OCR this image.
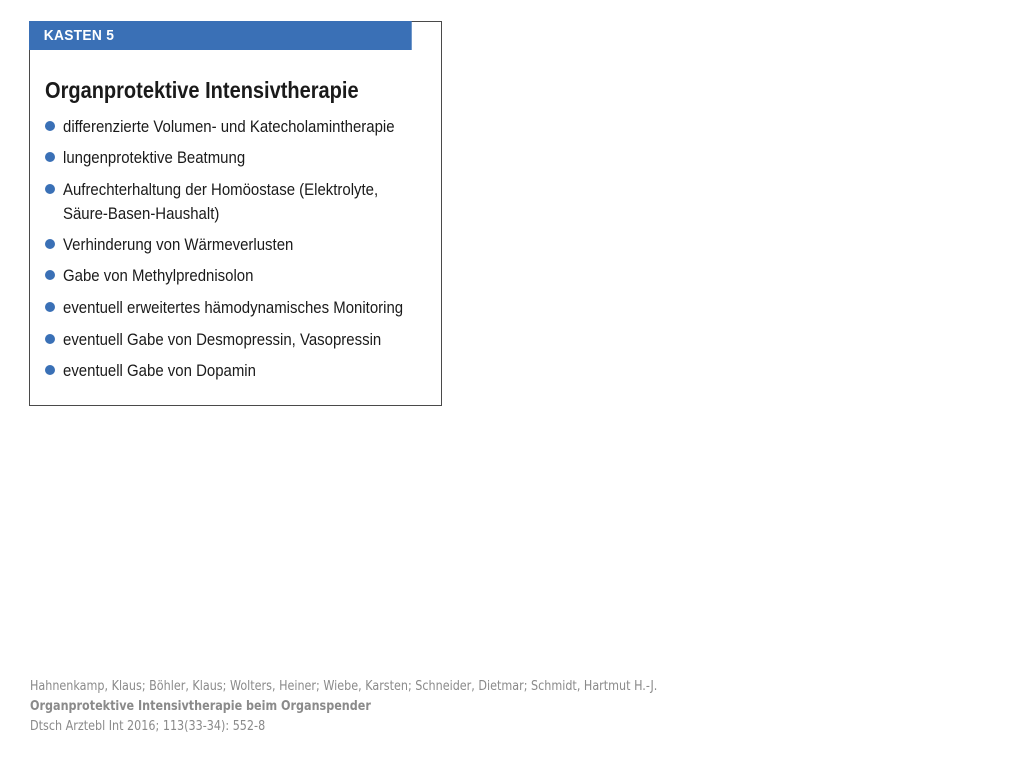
KASTEN 5
Organprotektive Intensivtherapie
differenzierte Volumen- und Katecholamintherapie
lungenprotektive Beatmung
Aufrechterhaltung der Homöostase (Elektrolyte,
Säure-Basen-Haushalt)
Verhinderung von Wärmeverlusten
Gabe von Methylprednisolon
eventuell erweitertes hämodynamisches Monitoring
eventuell Gabe von Desmopressin, Vasopressin
eventuell Gabe von Dopamin
Hahnenkamp, Klaus; Böhler, Klaus; Wolters, Heiner; Wiebe, Karsten; Schneider, Dietmar; Schmidt, Hartmut H.-J.
Organprotektive Intensivtherapie beim Organspender
Dtsch Arztebl Int 2016; 113(33-34): 552-8
